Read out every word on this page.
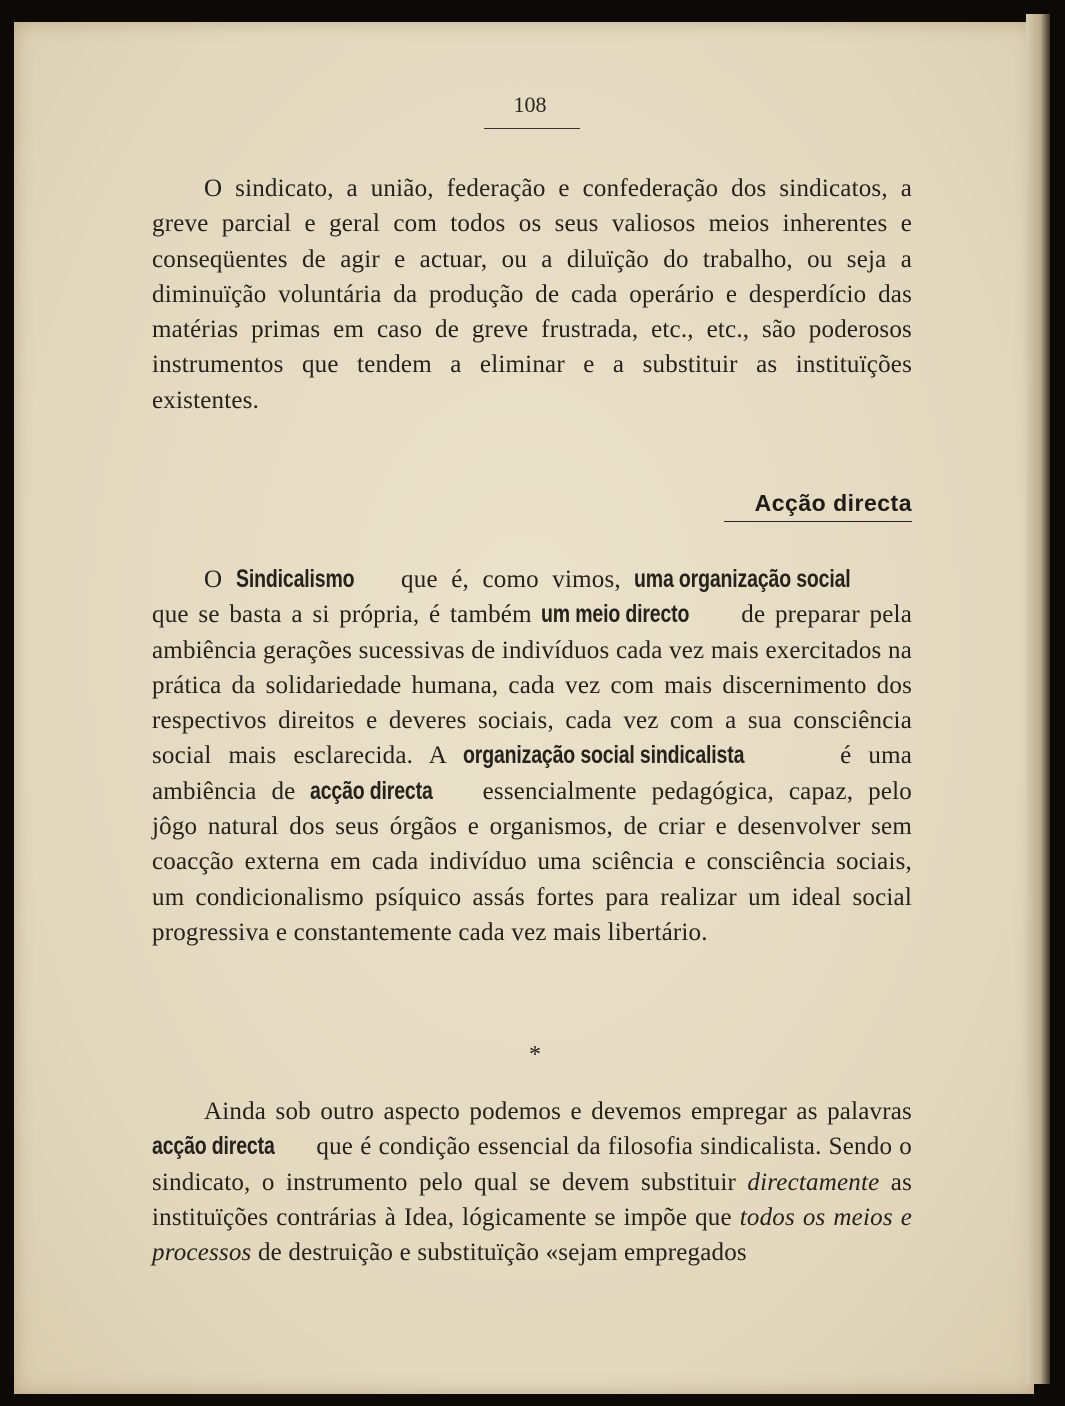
108

O sindicato, a união, federação e confederação dos sindicatos, a greve parcial e geral com todos os seus valiosos meios inherentes e conseqüentes de agir e actuar, ou a diluïção do trabalho, ou seja a diminuïção voluntária da produção de cada operário e desperdício das matérias primas em caso de greve frustrada, etc., etc., são poderosos instrumentos que tendem a eliminar e a substituir as instituïções existentes.

Acção directa

O Sindicalismo que é, como vimos, uma organização social que se basta a si própria, é também um meio directo de preparar pela ambiência gerações sucessivas de indivíduos cada vez mais exercitados na prática da solidariedade humana, cada vez com mais discernimento dos respectivos direitos e deveres sociais, cada vez com a sua consciência social mais esclarecida. A organização social sindicalista	é uma ambiência de acção directa essencialmente pedagógica, capaz, pelo jôgo natural dos seus órgãos e organismos, de criar e desenvolver sem coacção externa em cada indivíduo uma sciência e consciência sociais, um condicionalismo psíquico assás fortes para realizar um ideal social progressiva e constantemente cada vez mais libertário.

*

Ainda sob outro aspecto podemos e devemos empregar as palavras acção directa que é condição essencial da filosofia sindicalista. Sendo o sindicato, o instrumento pelo qual se devem substituir directamente as instituïções contrárias à Idea, lógicamente se impõe que todos os meios e processos de destruição e substituïção «sejam empregados
